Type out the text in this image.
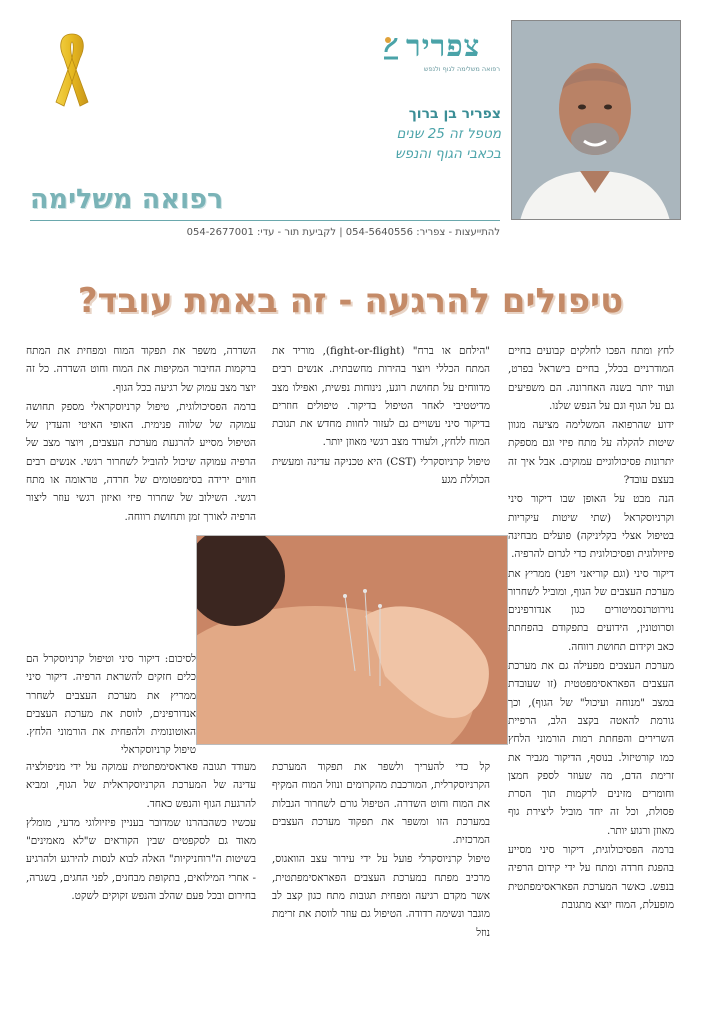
צפריר
רפואה משלימה לגוף ולנפש
צפריר בן ברוך
מטפל זה 25 שנים
בכאבי הגוף והנפש
רפואה משלימה
להתייעצות - צפריר: 054-5640556 | לקביעת תור - עדי: 054-2677001
טיפולים להרגעה - זה באמת עובד?

לחץ ומתח הפכו לחלקים קבועים בחיים המודרניים בכלל, בחיים בישראל בפרט, ועוד יותר בשנה האחרונה. הם משפיעים גם על הגוף וגם על הנפש שלנו.

ידוע שהרפואה המשלימה מציעה מגוון שיטות להקלה על מתח פיזי וגם מספקת יתרונות פסיכולוגיים עמוקים. אבל איך זה בעצם עובד?

הנה מבט על האופן שבו דיקור סיני וקרניוסקראל (שתי שיטות עיקריות בטיפול אצלי בקליניקה) פועלים מבחינה פיזיולוגית ופסיכולוגית כדי לגרום להרפיה.

דיקור סיני (וגם קוריאני ויפני) ממריץ את מערכת העצבים של הגוף, ומוביל לשחרור נוירוטרנסמיטורים כגון אנדורפינים וסרוטונין, הידועים בתפקודם בהפחתת כאב וקידום תחושת רווחה.

מערכת העצבים מפעילה גם את מערכת העצבים הפאראסימפטטית (זו שעובדת במצב "מנוחה ועיכול" של הגוף), וכך גורמת להאטה בקצב הלב, הרפיית השרירים והפחתת רמות הורמוני הלחץ כמו קורטיזול. בנוסף, הדיקור מגביר את זרימת הדם, מה שעוזר לספק חמצן וחומרים מזינים לרקמות תוך הסרת פסולת, וכל זה יחד מוביל ליצירת גוף מאוזן ורגוע יותר.

ברמה הפסיכולוגית, דיקור סיני מסייע בהפגת חרדה ומתח על ידי קידום הרפיה בנפש. כאשר המערכת הפאראסימפתטית מופעלת, המוח יוצא מתגובת

"הילחם או ברח" (fight-or-flight), מוריד את המתח הכללי ויוצר בהירות מחשבתית. אנשים רבים מדווחים על תחושת רוגע, נינוחות נפשית, ואפילו מצב מדיטטיבי לאחר הטיפול בדיקור. טיפולים חוזרים בדיקור סיני עשויים גם לעזור לחוות מחדש את תגובת המוח ללחץ, ולעודד מצב רגשי מאוזן יותר.

טיפול קרניוסקרלי (CST) היא טכניקה עדינה ומעשית הכוללת מגע

השדרה, משפר את תפקוד המוח ומפחית את המתח ברקמות החיבור המקיפות את המוח וחוט השדרה. כל זה יוצר מצב עמוק של רגיעה בכל הגוף.

ברמה הפסיכולוגית, טיפול קרניוסקראלי מספק תחושה עמוקה של שלווה פנימית. האופי האיטי והעדין של הטיפול מסייע להרגעת מערכת העצבים, ויוצר מצב של הרפיה עמוקה שיכול להוביל לשחרור רגשי. אנשים רבים חווים ירידה בסימפטומים של חרדה, טראומה או מתח רגשי. השילוב של שחרור פיזי ואיזון רגשי עוזר ליצור הרפיה לאורך זמן ותחושת רווחה.

לסיכום: דיקור סיני וטיפול קרניוסקרל הם כלים חזקים להשראת הרפיה. דיקור סיני ממריץ את מערכת העצבים לשחרר אנדורפינים, לווסת את מערכת העצבים האוטונומית ולהפחית את הורמוני הלחץ. טיפול קרניוסקראלי

קל כדי להעריך ולשפר את תפקוד המערכת הקרניוסקרלית, המורכבת מהקרומים ונוזל המוח המקיף את המוח וחוט השדרה. הטיפול גורם לשחרור הגבלות במערכת הזו ומשפר את תפקוד מערכת העצבים המרכזית.

טיפול קרניוסקרלי פועל על ידי עירור עצב הוואגוס, מרכיב מפתח במערכת העצבים הפאראסימפתטית, אשר מקדם רגיעה ומפחית תגובות מתח כגון קצב לב מוגבר ונשימה רדודה. הטיפול גם עוזר לווסת את זרימת נוזל

מעודד תגובה פאראסימפתטית עמוקה על ידי מניפולציה עדינה של המערכת הקרניוסקראלית של הגוף, ומביא להרגעת הגוף והנפש כאחד.

עכשיו כשהבהרנו שמדובר בעניין פיזיולוגי מדעי, מומלץ מאוד גם לסקפטים שבין הקוראים ש"לא מאמינים" בשיטות ה"רוחניקיות" האלה לבוא לנסות להירגע ולהרגיע - אחרי המילואים, בתקופת מבחנים, לפני החגים, בשגרה, בחירום ובכל פעם שהלב והנפש זקוקים לשקט.
